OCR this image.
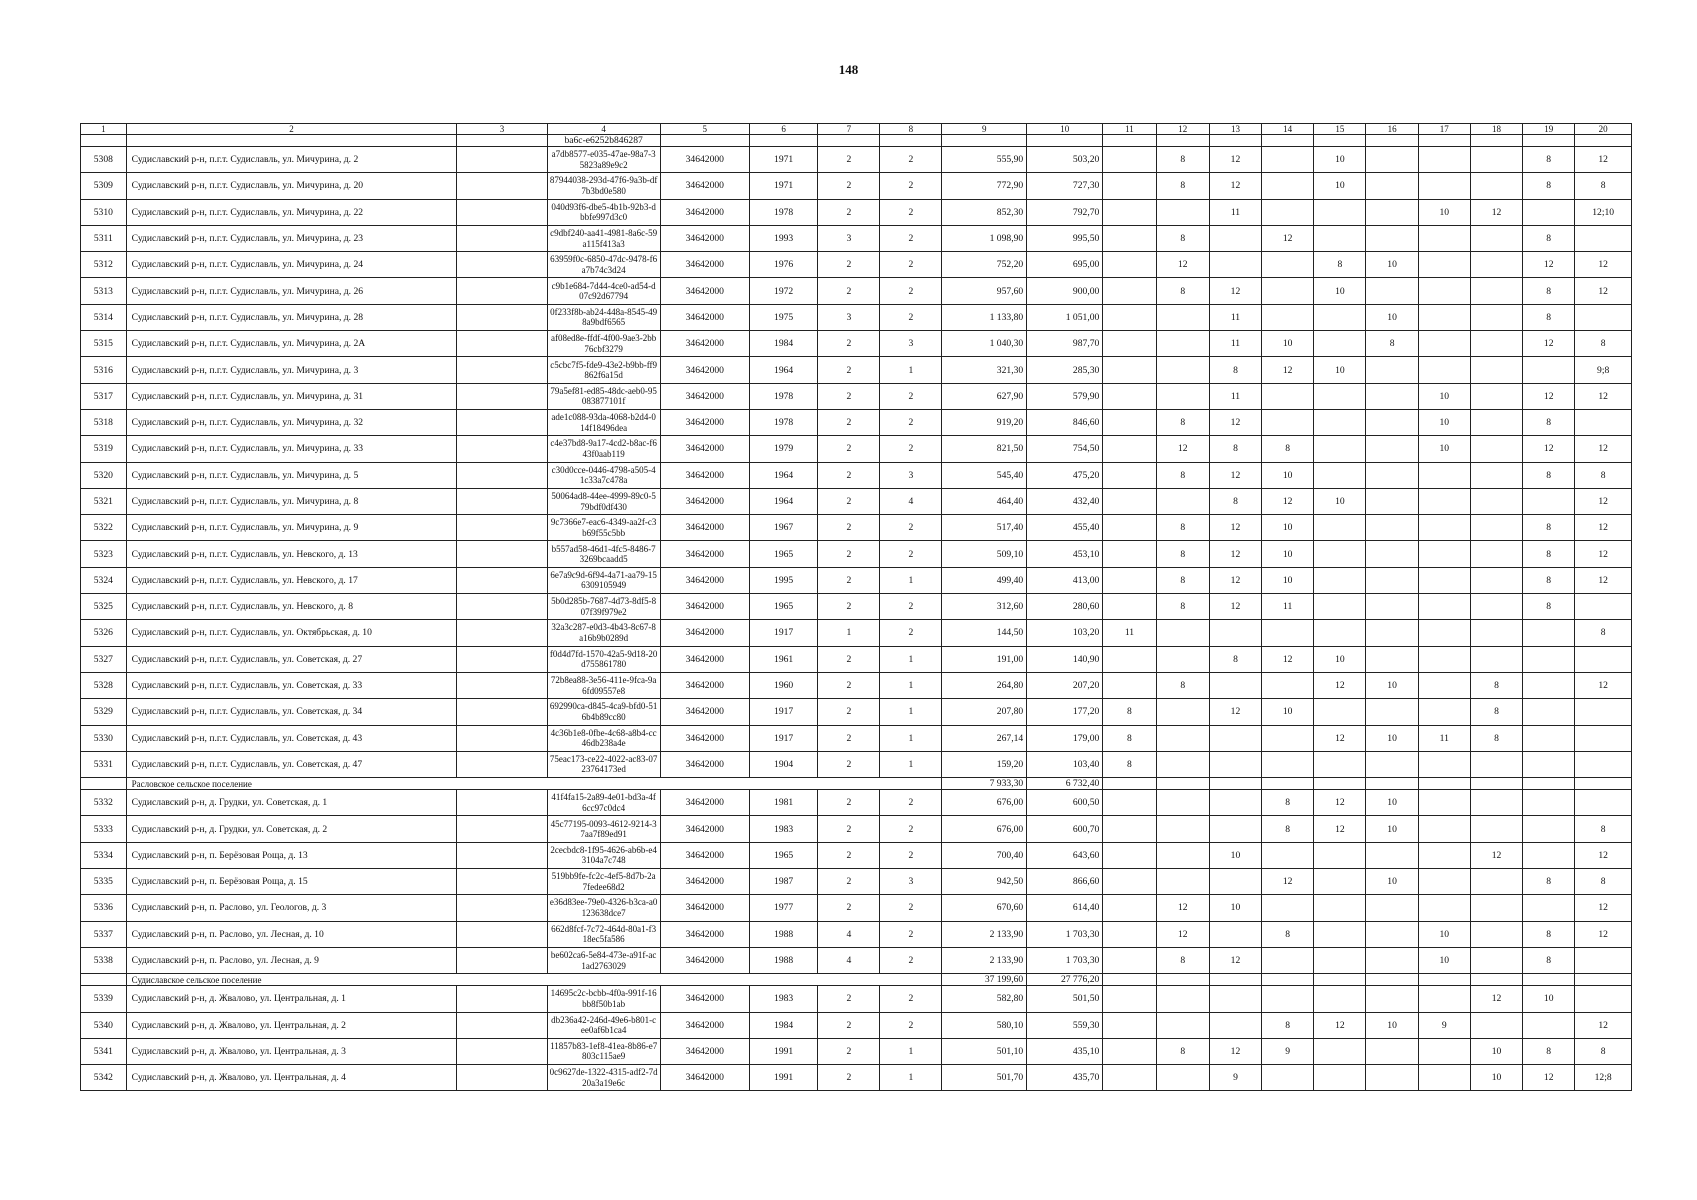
148
1	2	3	4	5	6	7	8	9	10	11	12	13	14	15	16	17	18	19	20
			ba6c-e6252b846287																
5308	Судиславский р-н, п.г.т. Судиславль, ул. Мичурина, д. 2		a7db8577-e035-47ae-98a7-35823a89e9c2	34642000	1971	2	2	555,90	503,20		8	12		10				8	12
5309	Судиславский р-н, п.г.т. Судиславль, ул. Мичурина, д. 20		87944038-293d-47f6-9a3b-df7b3bd0e580	34642000	1971	2	2	772,90	727,30		8	12		10				8	8
5310	Судиславский р-н, п.г.т. Судиславль, ул. Мичурина, д. 22		040d93f6-dbe5-4b1b-92b3-dbbfe997d3c0	34642000	1978	2	2	852,30	792,70			11				10	12		12;10
5311	Судиславский р-н, п.г.т. Судиславль, ул. Мичурина, д. 23		c9dbf240-aa41-4981-8a6c-59a115f413a3	34642000	1993	3	2	1 098,90	995,50		8		12					8	
5312	Судиславский р-н, п.г.т. Судиславль, ул. Мичурина, д. 24		63959f0c-6850-47dc-9478-f6a7b74c3d24	34642000	1976	2	2	752,20	695,00		12			8	10			12	12
5313	Судиславский р-н, п.г.т. Судиславль, ул. Мичурина, д. 26		c9b1e684-7d44-4ce0-ad54-d07c92d67794	34642000	1972	2	2	957,60	900,00		8	12		10				8	12
5314	Судиславский р-н, п.г.т. Судиславль, ул. Мичурина, д. 28		0f233f8b-ab24-448a-8545-498a9bdf6565	34642000	1975	3	2	1 133,80	1 051,00			11			10			8	
5315	Судиславский р-н, п.г.т. Судиславль, ул. Мичурина, д. 2А		af08ed8e-ffdf-4f00-9ae3-2bb76cbf3279	34642000	1984	2	3	1 040,30	987,70			11	10		8			12	8
5316	Судиславский р-н, п.г.т. Судиславль, ул. Мичурина, д. 3		c5cbc7f5-fde9-43e2-b9bb-ff9862f6a15d	34642000	1964	2	1	321,30	285,30			8	12	10					9;8
5317	Судиславский р-н, п.г.т. Судиславль, ул. Мичурина, д. 31		79a5ef81-ed85-48dc-aeb0-95083877101f	34642000	1978	2	2	627,90	579,90			11				10		12	12
5318	Судиславский р-н, п.г.т. Судиславль, ул. Мичурина, д. 32		ade1c088-93da-4068-b2d4-014f18496dea	34642000	1978	2	2	919,20	846,60		8	12				10		8	
5319	Судиславский р-н, п.г.т. Судиславль, ул. Мичурина, д. 33		c4e37bd8-9a17-4cd2-b8ac-f643f0aab119	34642000	1979	2	2	821,50	754,50		12	8	8			10		12	12
5320	Судиславский р-н, п.г.т. Судиславль, ул. Мичурина, д. 5		c30d0cce-0446-4798-a505-41c33a7c478a	34642000	1964	2	3	545,40	475,20		8	12	10					8	8
5321	Судиславский р-н, п.г.т. Судиславль, ул. Мичурина, д. 8		50064ad8-44ee-4999-89c0-579bdf0df430	34642000	1964	2	4	464,40	432,40			8	12	10					12
5322	Судиславский р-н, п.г.т. Судиславль, ул. Мичурина, д. 9		9c7366e7-eac6-4349-aa2f-c3b69f55c5bb	34642000	1967	2	2	517,40	455,40		8	12	10					8	12
5323	Судиславский р-н, п.г.т. Судиславль, ул. Невского, д. 13		b557ad58-46d1-4fc5-8486-73269bcaadd5	34642000	1965	2	2	509,10	453,10		8	12	10					8	12
5324	Судиславский р-н, п.г.т. Судиславль, ул. Невского, д. 17		6e7a9c9d-6f94-4a71-aa79-156309105949	34642000	1995	2	1	499,40	413,00		8	12	10					8	12
5325	Судиславский р-н, п.г.т. Судиславль, ул. Невского, д. 8		5b0d285b-7687-4d73-8df5-807f39f979e2	34642000	1965	2	2	312,60	280,60		8	12	11					8	
5326	Судиславский р-н, п.г.т. Судиславль, ул. Октябрьская, д. 10		32a3c287-e0d3-4b43-8c67-8a16b9b0289d	34642000	1917	1	2	144,50	103,20	11									8
5327	Судиславский р-н, п.г.т. Судиславль, ул. Советская, д. 27		f0d4d7fd-1570-42a5-9d18-20d755861780	34642000	1961	2	1	191,00	140,90			8	12	10					
5328	Судиславский р-н, п.г.т. Судиславль, ул. Советская, д. 33		72b8ea88-3e56-411e-9fca-9a6fd09557e8	34642000	1960	2	1	264,80	207,20		8			12	10		8		12
5329	Судиславский р-н, п.г.т. Судиславль, ул. Советская, д. 34		692990ca-d845-4ca9-bfd0-516b4b89cc80	34642000	1917	2	1	207,80	177,20	8		12	10				8		
5330	Судиславский р-н, п.г.т. Судиславль, ул. Советская, д. 43		4c36b1e8-0fbe-4c68-a8b4-cc46db238a4e	34642000	1917	2	1	267,14	179,00	8				12	10	11	8		
5331	Судиславский р-н, п.г.т. Судиславль, ул. Советская, д. 47		75eac173-ce22-4022-ac83-0723764173ed	34642000	1904	2	1	159,20	103,40	8									
	Расловское сельское поселение							7 933,30	6 732,40										
5332	Судиславский р-н, д. Грудки, ул. Советская, д. 1		41f4fa15-2a89-4e01-bd3a-4f6cc97c0dc4	34642000	1981	2	2	676,00	600,50				8	12	10				
5333	Судиславский р-н, д. Грудки, ул. Советская, д. 2		45c77195-0093-4612-9214-37aa7f89ed91	34642000	1983	2	2	676,00	600,70				8	12	10				8
5334	Судиславский р-н, п. Берёзовая Роща, д. 13		2cecbdc8-1f95-4626-ab6b-e43104a7c748	34642000	1965	2	2	700,40	643,60			10					12		12
5335	Судиславский р-н, п. Берёзовая Роща, д. 15		519bb9fe-fc2c-4ef5-8d7b-2a7fedee68d2	34642000	1987	2	3	942,50	866,60				12		10			8	8
5336	Судиславский р-н, п. Раслово, ул. Геологов, д. 3		e36d83ee-79e0-4326-b3ca-a0123638dce7	34642000	1977	2	2	670,60	614,40		12	10							12
5337	Судиславский р-н, п. Раслово, ул. Лесная, д. 10		662d8fcf-7c72-464d-80a1-f318ec5fa586	34642000	1988	4	2	2 133,90	1 703,30		12		8			10		8	12
5338	Судиславский р-н, п. Раслово, ул. Лесная, д. 9		be602ca6-5e84-473e-a91f-ac1ad2763029	34642000	1988	4	2	2 133,90	1 703,30		8	12				10		8	
	Судиславское сельское поселение							37 199,60	27 776,20										
5339	Судиславский р-н, д. Жвалово, ул. Центральная, д. 1		14695c2c-bcbb-4f0a-991f-16bb8f50b1ab	34642000	1983	2	2	582,80	501,50								12	10	
5340	Судиславский р-н, д. Жвалово, ул. Центральная, д. 2		db236a42-246d-49e6-b801-cee0af6b1ca4	34642000	1984	2	2	580,10	559,30				8	12	10	9			12
5341	Судиславский р-н, д. Жвалово, ул. Центральная, д. 3		11857b83-1ef8-41ea-8b86-e7803c115ae9	34642000	1991	2	1	501,10	435,10		8	12	9				10	8	8
5342	Судиславский р-н, д. Жвалово, ул. Центральная, д. 4		0c9627de-1322-4315-adf2-7d20a3a19e6c	34642000	1991	2	1	501,70	435,70			9					10	12	12;8
